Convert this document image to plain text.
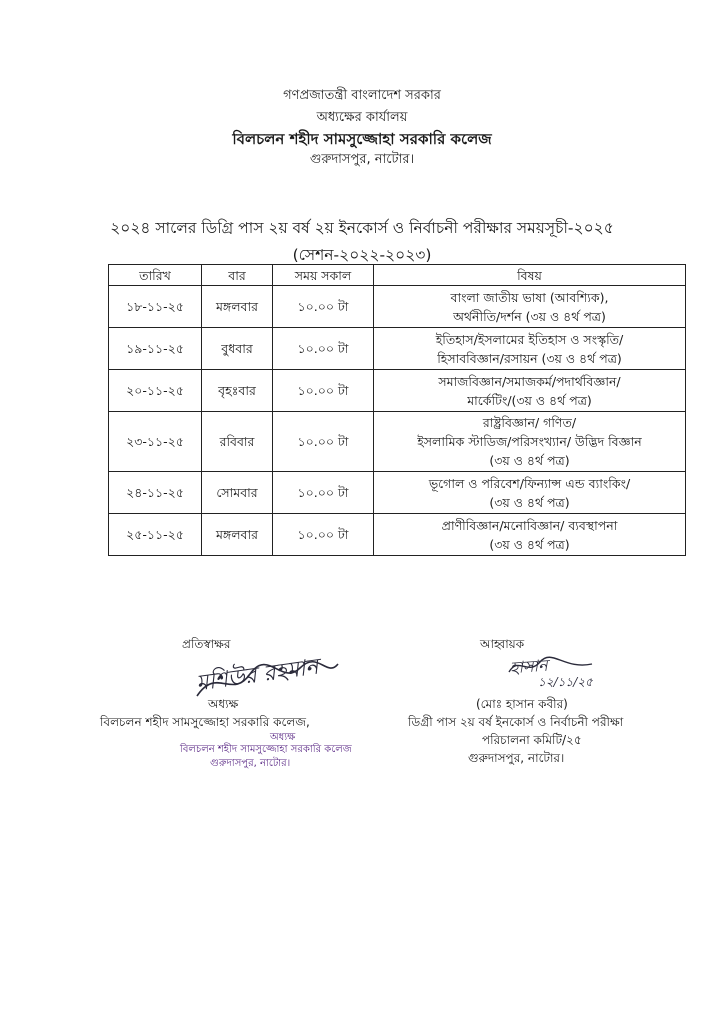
গণপ্রজাতন্ত্রী বাংলাদেশ সরকার
অধ্যক্ষের কার্যালয়
বিলচলন শহীদ সামসুজ্জোহা সরকারি কলেজ
গুরুদাসপুর, নাটোর।
২০২৪ সালের ডিগ্রি পাস ২য় বর্ষ ২য় ইনকোর্স ও নির্বাচনী পরীক্ষার সময়সূচী-২০২৫
(সেশন-২০২২-২০২৩)
তারিখ	বার	সময় সকাল	বিষয়
১৮-১১-২৫	মঙ্গলবার	১০.০০ টা	বাংলা জাতীয় ভাষা (আবশ্যিক),
অর্থনীতি/দর্শন (৩য় ও ৪র্থ পত্র)

১৯-১১-২৫	বুধবার	১০.০০ টা	ইতিহাস/ইসলামের ইতিহাস ও সংস্কৃতি/
হিসাববিজ্ঞান/রসায়ন (৩য় ও ৪র্থ পত্র)

২০-১১-২৫	বৃহঃবার	১০.০০ টা	সমাজবিজ্ঞান/সমাজকর্ম/পদার্থবিজ্ঞান/
মার্কেটিং/(৩য় ও ৪র্থ পত্র)

২৩-১১-২৫	রবিবার	১০.০০ টা	রাষ্ট্রবিজ্ঞান/ গণিত/
ইসলামিক স্টাডিজ/পরিসংখ্যান/ উদ্ভিদ বিজ্ঞান
(৩য় ও ৪র্থ পত্র)

২৪-১১-২৫	সোমবার	১০.০০ টা	ভূগোল ও পরিবেশ/ফিন্যান্স এন্ড ব্যাংকিং/
(৩য় ও ৪র্থ পত্র)

২৫-১১-২৫	মঙ্গলবার	১০.০০ টা	প্রাণীবিজ্ঞান/মনোবিজ্ঞান/ ব্যবস্থাপনা
(৩য় ও ৪র্থ পত্র)
প্রতিস্বাক্ষর
মশিউর রহমান
অধ্যক্ষ
বিলচলন শহীদ সামসুজ্জোহা সরকারি কলেজ,
অধ্যক্ষ
বিলচলন শহীদ সামসুজ্জোহা সরকারি কলেজ
গুরুদাসপুর, নাটোর।
আহ্বায়ক
হাসান
১২/১১/২৫
(মোঃ হাসান কবীর)
ডিগ্রী পাস ২য় বর্ষ ইনকোর্স ও নির্বাচনী পরীক্ষা
পরিচালনা কমিটি/২৫
গুরুদাসপুর, নাটোর।
